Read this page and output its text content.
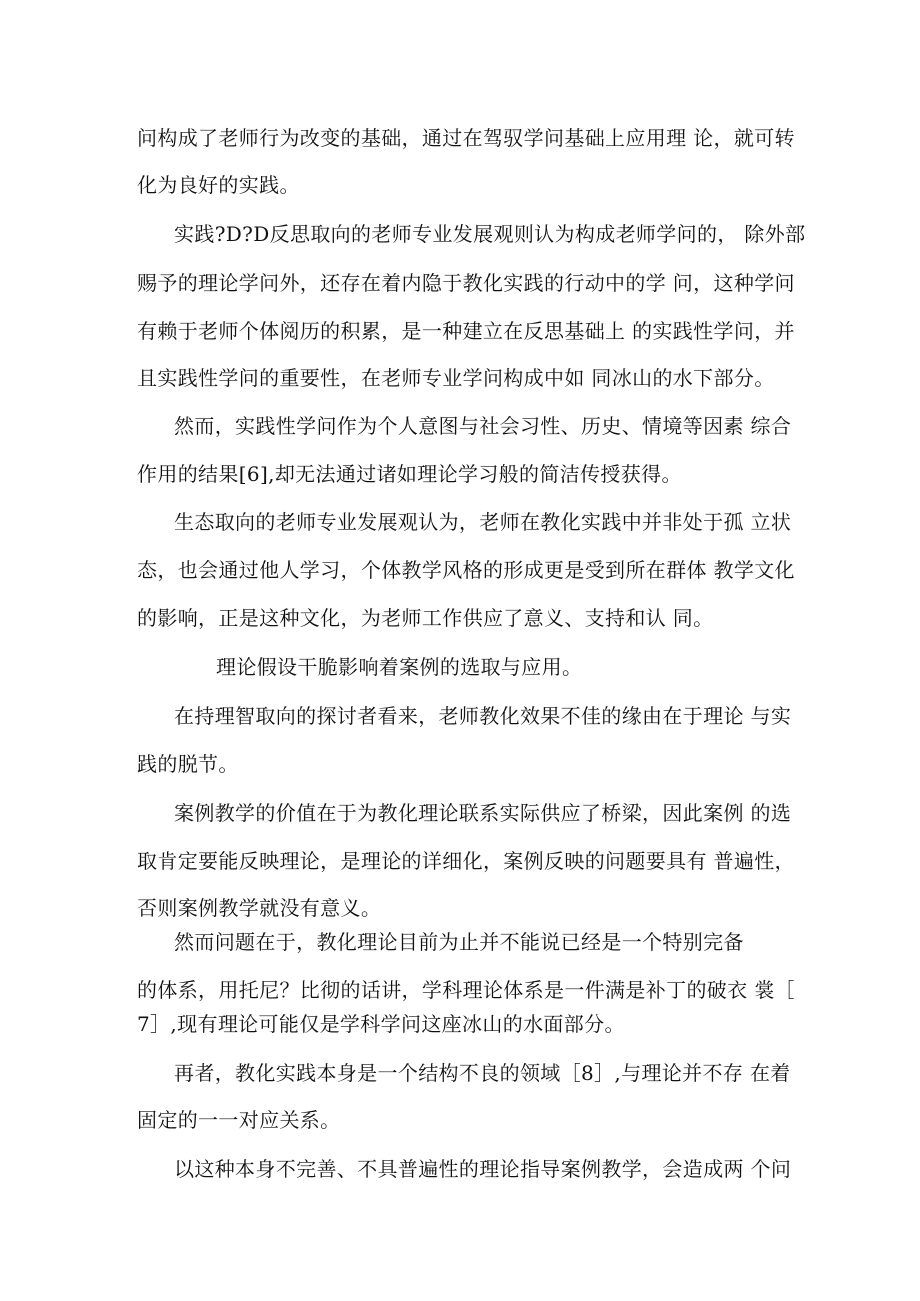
问构成了老师行为改变的基础，通过在驾驭学问基础上应用理 论，就可转
化为良好的实践。
实践?D?D反思取向的老师专业发展观则认为构成老师学问的， 除外部
赐予的理论学问外，还存在着内隐于教化实践的行动中的学 问，这种学问
有赖于老师个体阅历的积累，是一种建立在反思基础上 的实践性学问，并
且实践性学问的重要性，在老师专业学问构成中如 同冰山的水下部分。
然而，实践性学问作为个人意图与社会习性、历史、情境等因素 综合
作用的结果[6],却无法通过诸如理论学习般的简洁传授获得。
生态取向的老师专业发展观认为，老师在教化实践中并非处于孤 立状
态，也会通过他人学习，个体教学风格的形成更是受到所在群体 教学文化
的影响，正是这种文化，为老师工作供应了意义、支持和认 同。
理论假设干脆影响着案例的选取与应用。
在持理智取向的探讨者看来，老师教化效果不佳的缘由在于理论 与实
践的脱节。
案例教学的价值在于为教化理论联系实际供应了桥梁，因此案例 的选
取肯定要能反映理论，是理论的详细化，案例反映的问题要具有 普遍性，
否则案例教学就没有意义。
然而问题在于，教化理论目前为止并不能说已经是一个特别完备
的体系，用托尼？比彻的话讲，学科理论体系是一件满是补丁的破衣 裳［
7］,现有理论可能仅是学科学问这座冰山的水面部分。
再者，教化实践本身是一个结构不良的领域［8］,与理论并不存 在着
固定的一一对应关系。
以这种本身不完善、不具普遍性的理论指导案例教学，会造成两 个问
